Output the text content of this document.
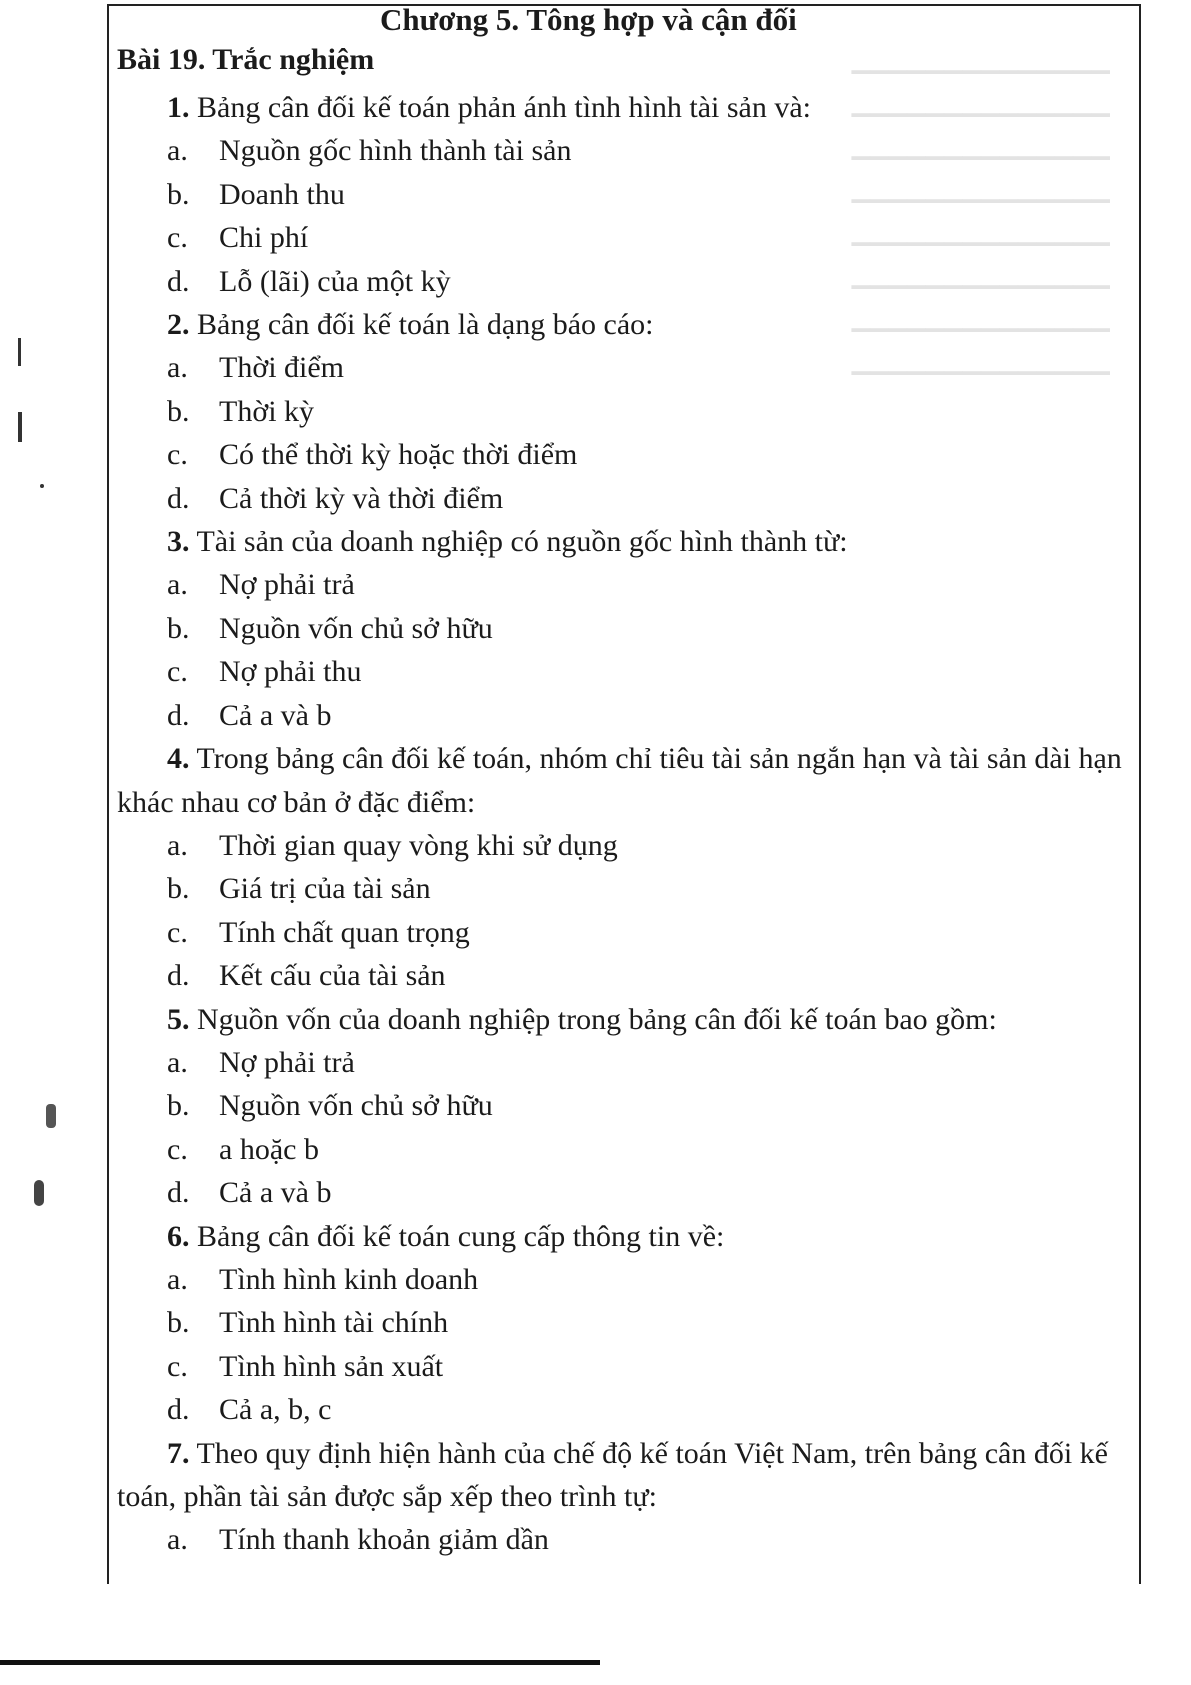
▁▁▁▁▁▁▁▁▁▁▁▁▁▁
▁▁▁▁▁▁▁▁▁▁▁▁▁▁
▁▁▁▁▁▁▁▁▁▁▁▁▁▁
▁▁▁▁▁▁▁▁▁▁▁▁▁▁
▁▁▁▁▁▁▁▁▁▁▁▁▁▁
▁▁▁▁▁▁▁▁▁▁▁▁▁▁
▁▁▁▁▁▁▁▁▁▁▁▁▁▁
▁▁▁▁▁▁▁▁▁▁▁▁▁▁
Chương 5. Tông hợp và cận đối
Bài 19. Trắc nghiệm

1. Bảng cân đối kế toán phản ánh tình hình tài sản và:

a. Nguồn gốc hình thành tài sản

b. Doanh thu

c. Chi phí

d. Lỗ (lãi) của một kỳ

2. Bảng cân đối kế toán là dạng báo cáo:

a. Thời điểm

b. Thời kỳ

c. Có thể thời kỳ hoặc thời điểm

d. Cả thời kỳ và thời điểm

3. Tài sản của doanh nghiệp có nguồn gốc hình thành từ:

a. Nợ phải trả

b. Nguồn vốn chủ sở hữu

c. Nợ phải thu

d. Cả a và b

4. Trong bảng cân đối kế toán, nhóm chỉ tiêu tài sản ngắn hạn và tài sản dài hạn khác nhau cơ bản ở đặc điểm:

a. Thời gian quay vòng khi sử dụng

b. Giá trị của tài sản

c. Tính chất quan trọng

d. Kết cấu của tài sản

5. Nguồn vốn của doanh nghiệp trong bảng cân đối kế toán bao gồm:

a. Nợ phải trả

b. Nguồn vốn chủ sở hữu

c. a hoặc b

d. Cả a và b

6. Bảng cân đối kế toán cung cấp thông tin về:

a. Tình hình kinh doanh

b. Tình hình tài chính

c. Tình hình sản xuất

d. Cả a, b, c

7. Theo quy định hiện hành của chế độ kế toán Việt Nam, trên bảng cân đối kế toán, phần tài sản được sắp xếp theo trình tự:

a. Tính thanh khoản giảm dần
